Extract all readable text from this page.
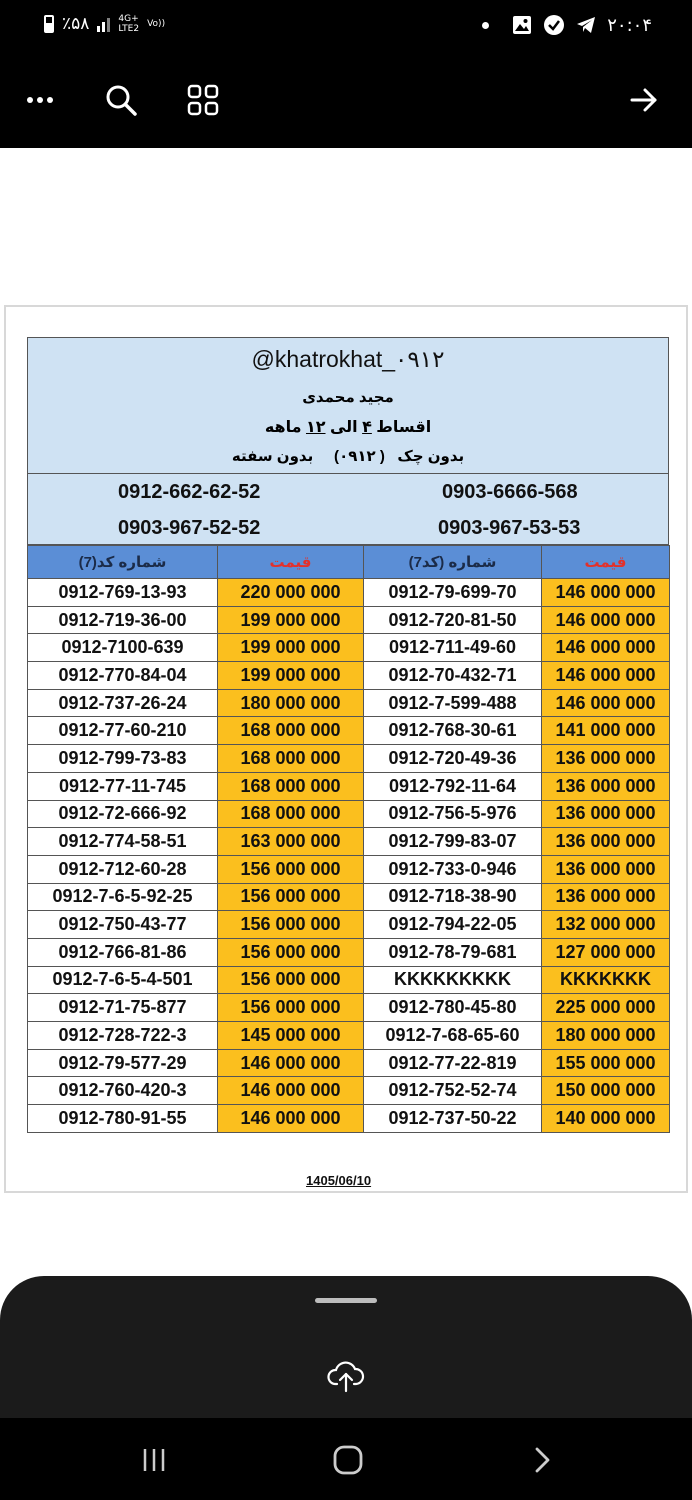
٪۵۸	4G+
LTE2 Vo))	۲۰:۰۴
@khatrokhat_۰۹۱۲
مجید محمدی
اقساط ۴ الی ۱۲ ماهه
بدون چک   ( ۰۹۱۲)     بدون سفته
0912-662-62-52	0903-6666-568
0903-967-52-52	0903-967-53-53
شماره کد(7)	قیمت	شماره (کد7)	قیمت
0912-769-13-93	220 000 000	0912-79-699-70	146 000 000
0912-719-36-00	199 000 000	0912-720-81-50	146 000 000
0912-7100-639	199 000 000	0912-711-49-60	146 000 000
0912-770-84-04	199 000 000	0912-70-432-71	146 000 000
0912-737-26-24	180 000 000	0912-7-599-488	146 000 000
0912-77-60-210	168 000 000	0912-768-30-61	141 000 000
0912-799-73-83	168 000 000	0912-720-49-36	136 000 000
0912-77-11-745	168 000 000	0912-792-11-64	136 000 000
0912-72-666-92	168 000 000	0912-756-5-976	136 000 000
0912-774-58-51	163 000 000	0912-799-83-07	136 000 000
0912-712-60-28	156 000 000	0912-733-0-946	136 000 000
0912-7-6-5-92-25	156 000 000	0912-718-38-90	136 000 000
0912-750-43-77	156 000 000	0912-794-22-05	132 000 000
0912-766-81-86	156 000 000	0912-78-79-681	127 000 000
0912-7-6-5-4-501	156 000 000	KKKKKKKKK	KKKKKKK
0912-71-75-877	156 000 000	0912-780-45-80	225 000 000
0912-728-722-3	145 000 000	0912-7-68-65-60	180 000 000
0912-79-577-29	146 000 000	0912-77-22-819	155 000 000
0912-760-420-3	146 000 000	0912-752-52-74	150 000 000
0912-780-91-55	146 000 000	0912-737-50-22	140 000 000
1405/06/10
